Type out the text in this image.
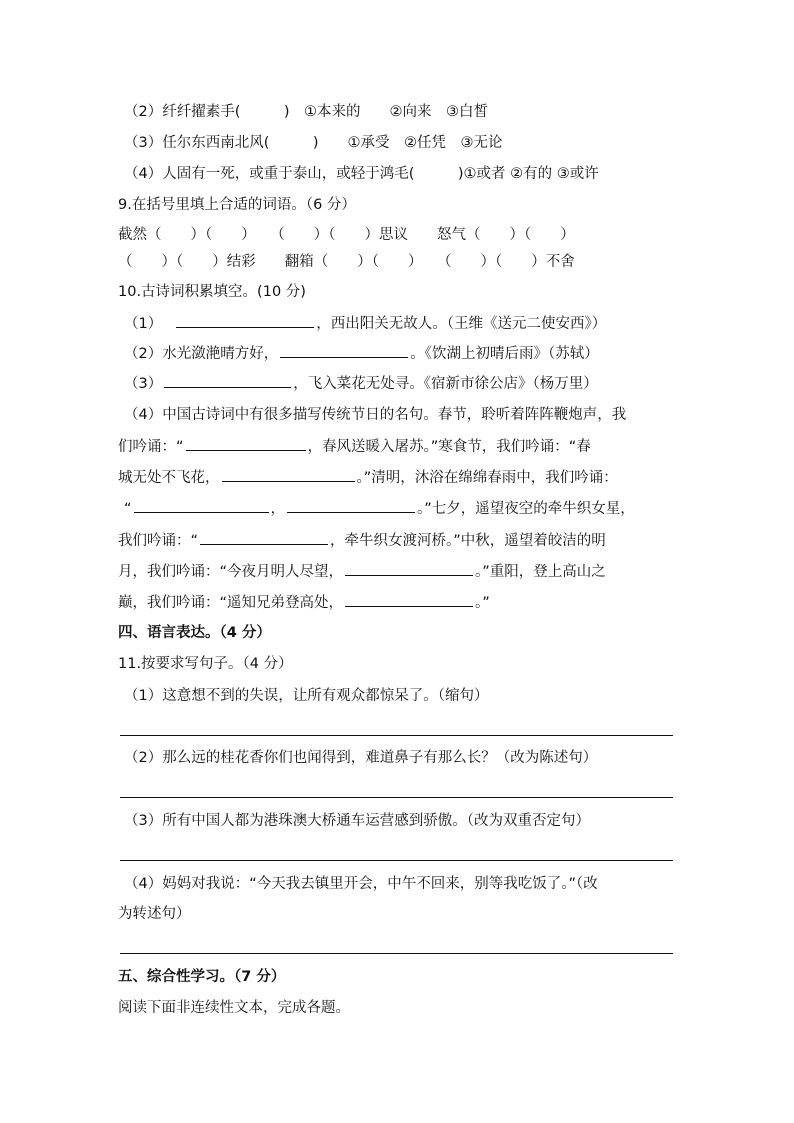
（2）纤纤擢素手(　　　)　①本来的　　②向来　③白皙
（3）任尔东西南北风(　　　)　　①承受　②任凭　③无论
（4）人固有一死，或重于泰山，或轻于鸿毛(　　　)①或者 ②有的 ③或许
9.在括号里填上合适的词语。（6 分）
截然（　　）（　　）　　（　　）（　　）思议　　怒气（　　）（　　）
（　　）（　　）结彩　　翻箱（　　）（　　）　　（　　）（　　）不舍
10.古诗词积累填空。(10 分)
（1）	，西出阳关无故人。（王维《送元二使安西》）
（2）水光潋滟晴方好，	。《饮湖上初晴后雨》（苏轼）
（3）	，飞入菜花无处寻。《宿新市徐公店》（杨万里）
（4）中国古诗词中有很多描写传统节日的名句。春节，聆听着阵阵鞭炮声，我
们吟诵：“	，春风送暖入屠苏。”寒食节，我们吟诵：“春
城无处不飞花，	。”清明，沐浴在绵绵春雨中，我们吟诵：
“	，	。”七夕，遥望夜空的牵牛织女星，
我们吟诵：“	，牵牛织女渡河桥。”中秋，遥望着皎洁的明
月，我们吟诵：“今夜月明人尽望，	。”重阳，登上高山之
巅，我们吟诵：“遥知兄弟登高处，	。”
四、语言表达。（4 分）
11.按要求写句子。（4 分）
（1）这意想不到的失误，让所有观众都惊呆了。（缩句）
（2）那么远的桂花香你们也闻得到，难道鼻子有那么长？（改为陈述句）
（3）所有中国人都为港珠澳大桥通车运营感到骄傲。（改为双重否定句）
（4）妈妈对我说：“今天我去镇里开会，中午不回来，别等我吃饭了。”（改
为转述句）
五、综合性学习。（7 分）
阅读下面非连续性文本，完成各题。
